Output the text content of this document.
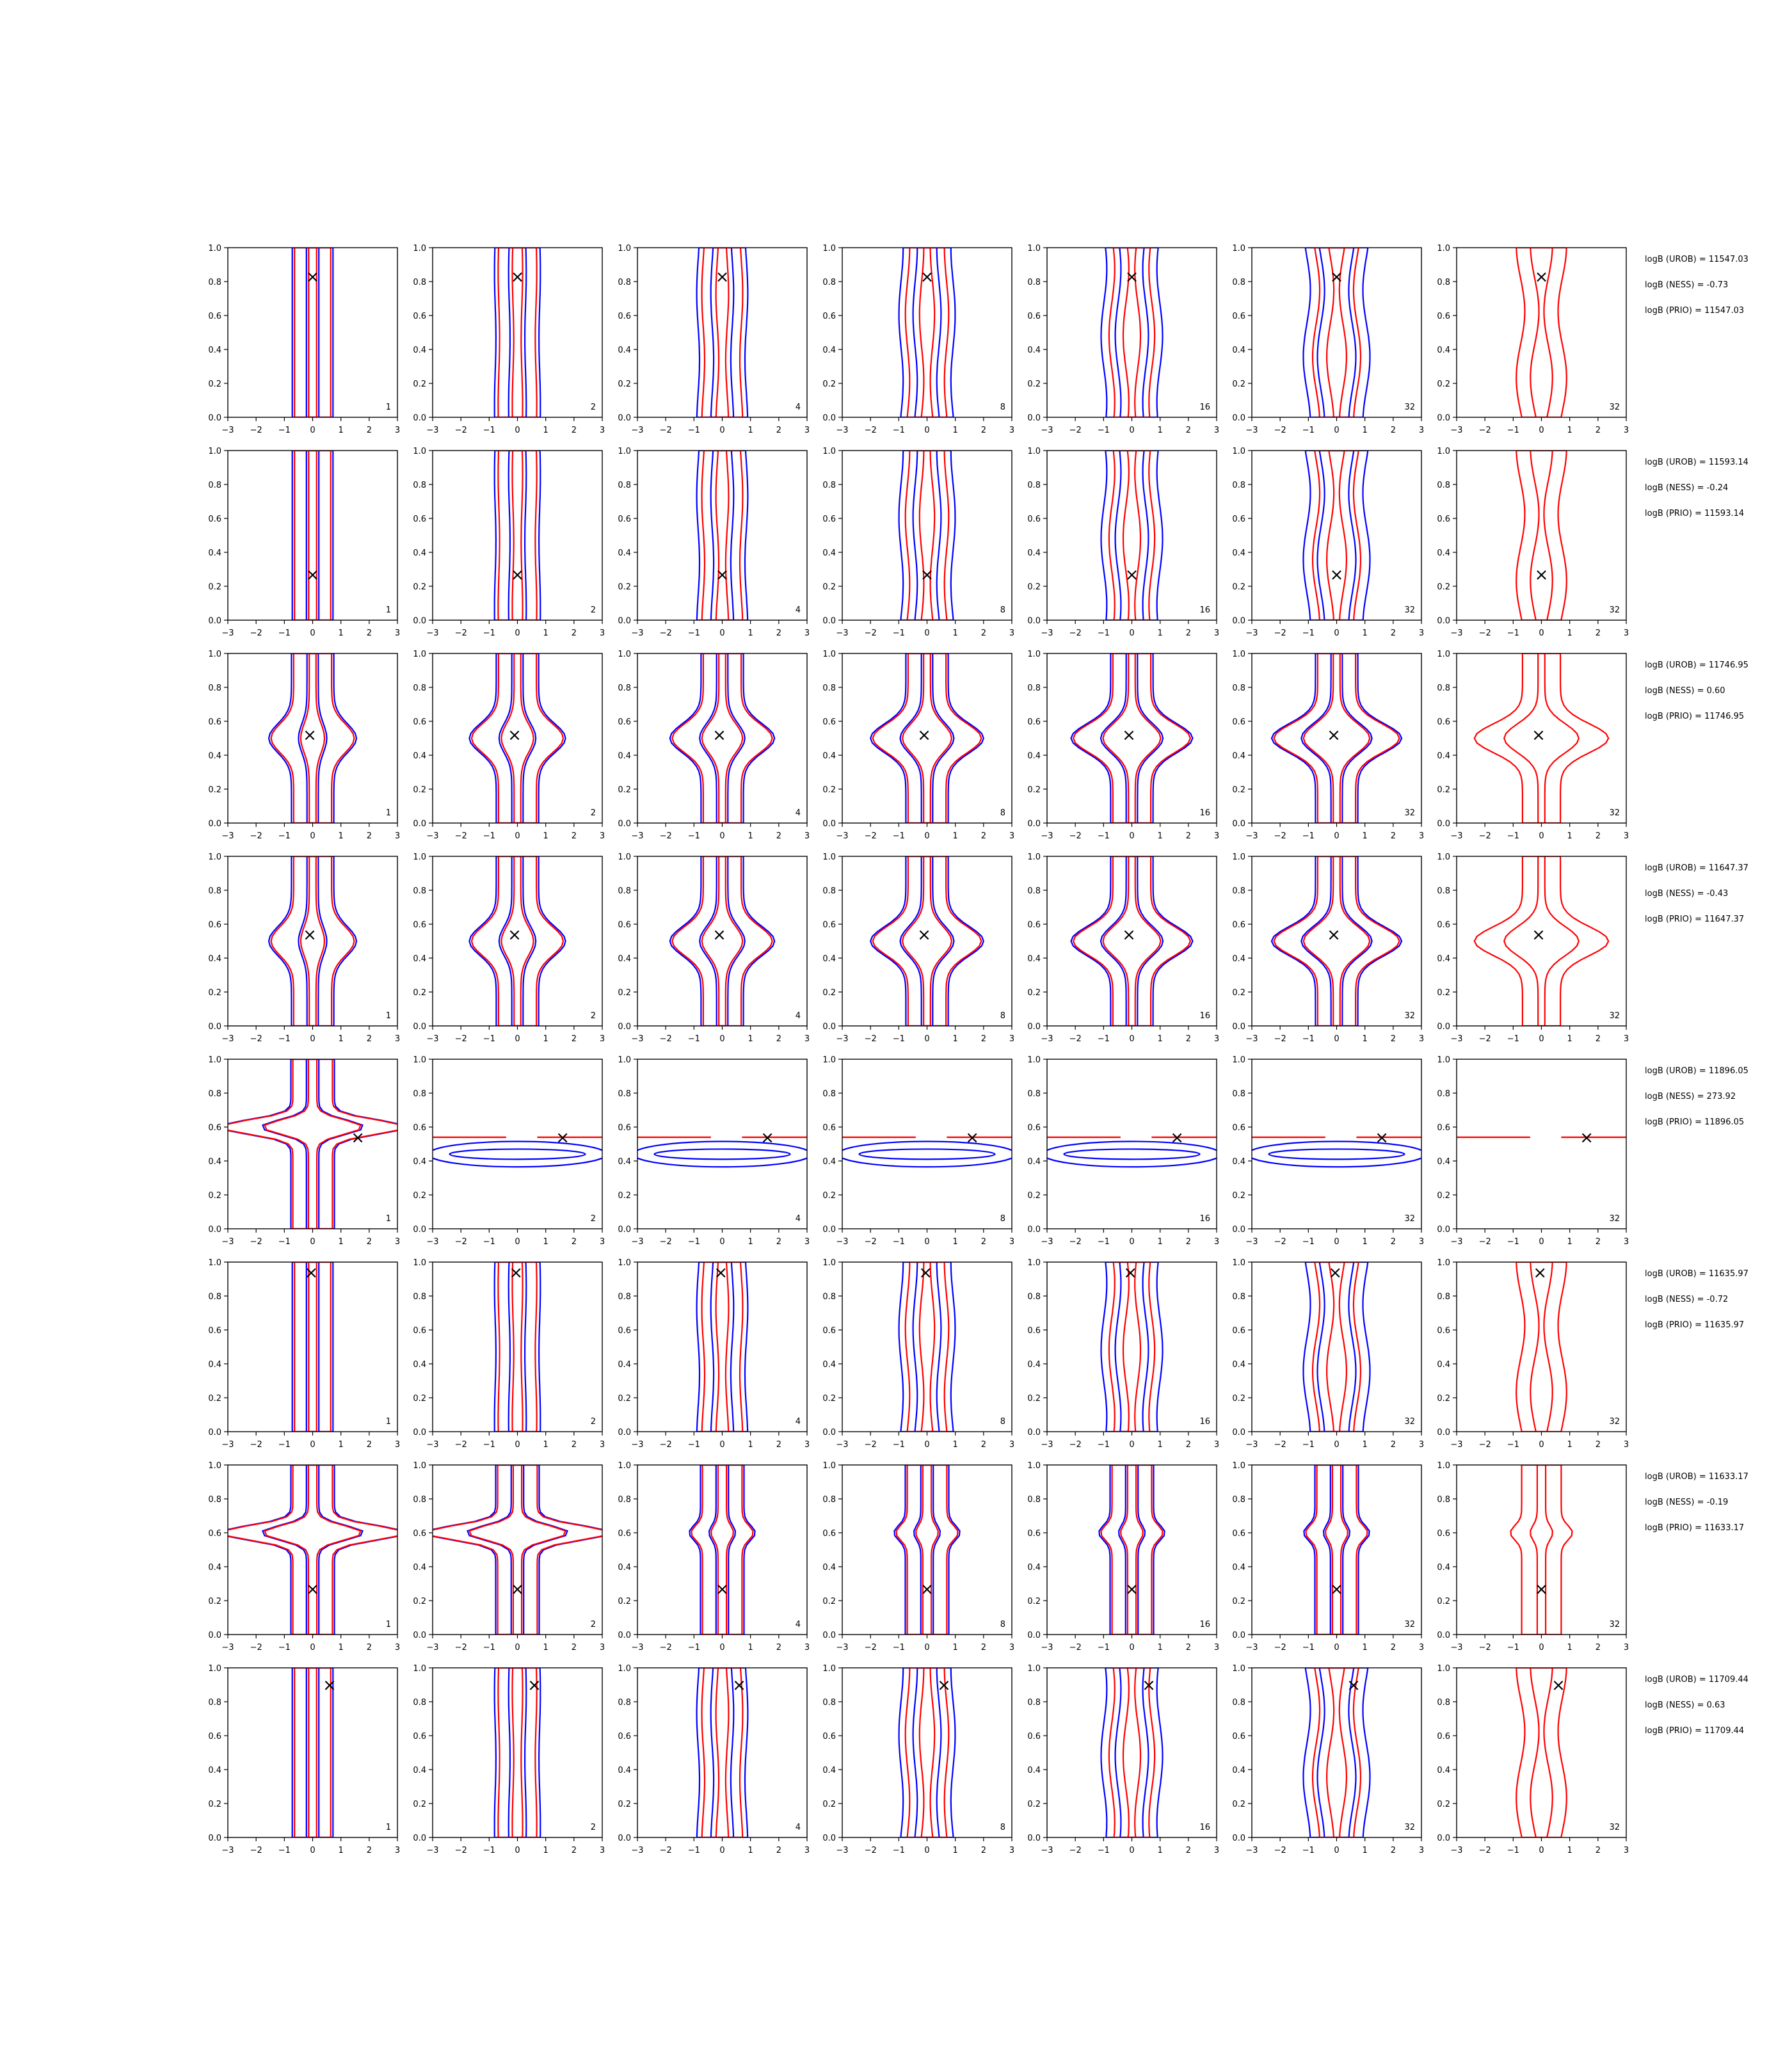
×
−3 −2 −1 0	1	2	3
0.0
0.2
0.4
0.6
0.8
1.0
1
×
−3 −2 −1 0	1	2	3
0.0
0.2
0.4
0.6
0.8
1.0
2
×
−3 −2 −1 0	1	2	3
0.0
0.2
0.4
0.6
0.8
1.0
4
×
−3 −2 −1 0	1	2	3
0.0
0.2
0.4
0.6
0.8
1.0
8
×
−3 −2 −1 0	1	2	3
0.0
0.2
0.4
0.6
0.8
1.0
16
×
−3 −2 −1 0	1	2	3
0.0
0.2
0.4
0.6
0.8
1.0
32
×
−3 −2 −1 0	1	2	3
0.0
0.2
0.4
0.6
0.8
1.0
32
logB (UROB) = 11547.03
logB (NESS) = -0.73
logB (PRIO) = 11547.03
×
−3 −2 −1 0	1	2	3
0.0
0.2
0.4
0.6
0.8
1.0
1
×
−3 −2 −1 0	1	2	3
0.0
0.2
0.4
0.6
0.8
1.0
2
×
−3 −2 −1 0	1	2	3
0.0
0.2
0.4
0.6
0.8
1.0
4
×
−3 −2 −1 0	1	2	3
0.0
0.2
0.4
0.6
0.8
1.0
8
×
−3 −2 −1 0	1	2	3
0.0
0.2
0.4
0.6
0.8
1.0
16
×
−3 −2 −1 0	1	2	3
0.0
0.2
0.4
0.6
0.8
1.0
32
×
−3 −2 −1 0	1	2	3
0.0
0.2
0.4
0.6
0.8
1.0
32
logB (UROB) = 11593.14
logB (NESS) = -0.24
logB (PRIO) = 11593.14
×
−3 −2 −1 0	1	2	3
0.0
0.2
0.4
0.6
0.8
1.0
1
×
−3 −2 −1 0	1	2	3
0.0
0.2
0.4
0.6
0.8
1.0
2
×
−3 −2 −1 0	1	2	3
0.0
0.2
0.4
0.6
0.8
1.0
4
×
−3 −2 −1 0	1	2	3
0.0
0.2
0.4
0.6
0.8
1.0
8
×
−3 −2 −1 0	1	2	3
0.0
0.2
0.4
0.6
0.8
1.0
16
×
−3 −2 −1 0	1	2	3
0.0
0.2
0.4
0.6
0.8
1.0
32
×
−3 −2 −1 0	1	2	3
0.0
0.2
0.4
0.6
0.8
1.0
32
logB (UROB) = 11746.95
logB (NESS) = 0.60
logB (PRIO) = 11746.95
×
−3 −2 −1 0	1	2	3
0.0
0.2
0.4
0.6
0.8
1.0
1
×
−3 −2 −1 0	1	2	3
0.0
0.2
0.4
0.6
0.8
1.0
2
×
−3 −2 −1 0	1	2	3
0.0
0.2
0.4
0.6
0.8
1.0
4
×
−3 −2 −1 0	1	2	3
0.0
0.2
0.4
0.6
0.8
1.0
8
×
−3 −2 −1 0	1	2	3
0.0
0.2
0.4
0.6
0.8
1.0
16
×
−3 −2 −1 0	1	2	3
0.0
0.2
0.4
0.6
0.8
1.0
32
×
−3 −2 −1 0	1	2	3
0.0
0.2
0.4
0.6
0.8
1.0
32
logB (UROB) = 11647.37
logB (NESS) = -0.43
logB (PRIO) = 11647.37
×
−3 −2 −1 0	1	2	3
0.0
0.2
0.4
0.6
0.8
1.0
1
×
−3 −2 −1 0	1	2	3
0.0
0.2
0.4
0.6
0.8
1.0
2
×
−3 −2 −1 0	1	2	3
0.0
0.2
0.4
0.6
0.8
1.0
4
×
−3 −2 −1 0	1	2	3
0.0
0.2
0.4
0.6
0.8
1.0
8
×
−3 −2 −1 0	1	2	3
0.0
0.2
0.4
0.6
0.8
1.0
16
×
−3 −2 −1 0	1	2	3
0.0
0.2
0.4
0.6
0.8
1.0
32
×
−3 −2 −1 0	1	2	3
0.0
0.2
0.4
0.6
0.8
1.0
32
logB (UROB) = 11896.05
logB (NESS) = 273.92
logB (PRIO) = 11896.05
×
−3 −2 −1 0	1	2	3
0.0
0.2
0.4
0.6
0.8
1.0
1
×
−3 −2 −1 0	1	2	3
0.0
0.2
0.4
0.6
0.8
1.0
2
×
−3 −2 −1 0	1	2	3
0.0
0.2
0.4
0.6
0.8
1.0
4
×
−3 −2 −1 0	1	2	3
0.0
0.2
0.4
0.6
0.8
1.0
8
×
−3 −2 −1 0	1	2	3
0.0
0.2
0.4
0.6
0.8
1.0
16
×
−3 −2 −1 0	1	2	3
0.0
0.2
0.4
0.6
0.8
1.0
32
×
−3 −2 −1 0	1	2	3
0.0
0.2
0.4
0.6
0.8
1.0
32
logB (UROB) = 11635.97
logB (NESS) = -0.72
logB (PRIO) = 11635.97
×
−3 −2 −1 0	1	2	3
0.0
0.2
0.4
0.6
0.8
1.0
1
×
−3 −2 −1 0	1	2	3
0.0
0.2
0.4
0.6
0.8
1.0
2
×
−3 −2 −1 0	1	2	3
0.0
0.2
0.4
0.6
0.8
1.0
4
×
−3 −2 −1 0	1	2	3
0.0
0.2
0.4
0.6
0.8
1.0
8
×
−3 −2 −1 0	1	2	3
0.0
0.2
0.4
0.6
0.8
1.0
16
×
−3 −2 −1 0	1	2	3
0.0
0.2
0.4
0.6
0.8
1.0
32
×
−3 −2 −1 0	1	2	3
0.0
0.2
0.4
0.6
0.8
1.0
32
logB (UROB) = 11633.17
logB (NESS) = -0.19
logB (PRIO) = 11633.17
×
−3 −2 −1 0	1	2	3
0.0
0.2
0.4
0.6
0.8
1.0
1
×
−3 −2 −1 0	1	2	3
0.0
0.2
0.4
0.6
0.8
1.0
2
×
−3 −2 −1 0	1	2	3
0.0
0.2
0.4
0.6
0.8
1.0
4
×
−3 −2 −1 0	1	2	3
0.0
0.2
0.4
0.6
0.8
1.0
8
×
−3 −2 −1 0	1	2	3
0.0
0.2
0.4
0.6
0.8
1.0
16
×
−3 −2 −1 0	1	2	3
0.0
0.2
0.4
0.6
0.8
1.0
32
×
−3 −2 −1 0	1	2	3
0.0
0.2
0.4
0.6
0.8
1.0
32
logB (UROB) = 11709.44
logB (NESS) = 0.63
logB (PRIO) = 11709.44
